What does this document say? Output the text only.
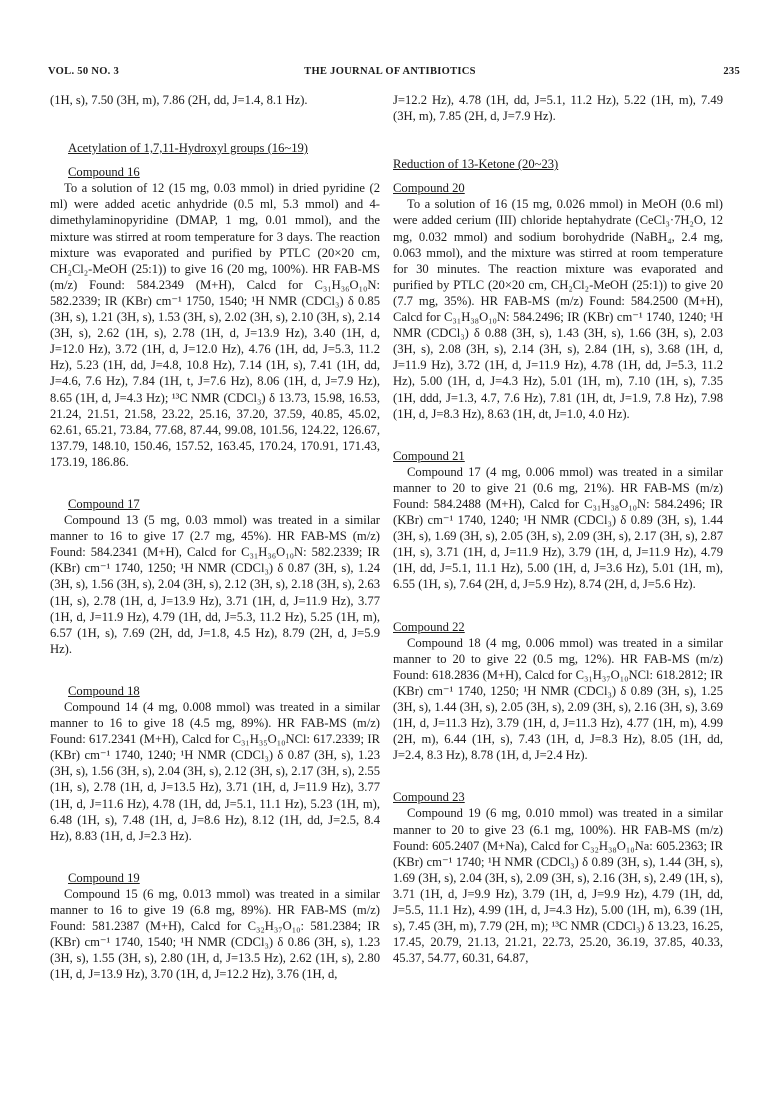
VOL. 50 NO. 3	THE JOURNAL OF ANTIBIOTICS	235

(1H, s), 7.50 (3H, m), 7.86 (2H, dd, J=1.4, 8.1 Hz).

Acetylation of 1,7,11-Hydroxyl groups (16~19)

Compound 16

To a solution of 12 (15 mg, 0.03 mmol) in dried pyridine (2 ml) were added acetic anhydride (0.5 ml, 5.3 mmol) and 4-dimethylaminopyridine (DMAP, 1 mg, 0.01 mmol), and the mixture was stirred at room temperature for 3 days. The reaction mixture was evaporated and purified by PTLC (20×20 cm, CH₂Cl₂-MeOH (25:1)) to give 16 (20 mg, 100%). HR FAB-MS (m/z) Found: 584.2349 (M+H), Calcd for C₃₁H₃₆O₁₀N: 582.2339; IR (KBr) cm⁻¹ 1750, 1540; ¹H NMR (CDCl₃) δ 0.85 (3H, s), 1.21 (3H, s), 1.53 (3H, s), 2.02 (3H, s), 2.10 (3H, s), 2.14 (3H, s), 2.62 (1H, s), 2.78 (1H, d, J=13.9 Hz), 3.40 (1H, d, J=12.0 Hz), 3.72 (1H, d, J=12.0 Hz), 4.76 (1H, dd, J=5.3, 11.2 Hz), 5.23 (1H, dd, J=4.8, 10.8 Hz), 7.14 (1H, s), 7.41 (1H, dd, J=4.6, 7.6 Hz), 7.84 (1H, t, J=7.6 Hz), 8.06 (1H, d, J=7.9 Hz), 8.65 (1H, d, J=4.3 Hz); ¹³C NMR (CDCl₃) δ 13.73, 15.98, 16.53, 21.24, 21.51, 21.58, 23.22, 25.16, 37.20, 37.59, 40.85, 45.02, 62.61, 65.21, 73.84, 77.68, 87.44, 99.08, 101.56, 124.22, 126.67, 137.79, 148.10, 150.46, 157.52, 163.45, 170.24, 170.91, 171.43, 173.19, 186.86.

Compound 17

Compound 13 (5 mg, 0.03 mmol) was treated in a similar manner to 16 to give 17 (2.7 mg, 45%). HR FAB-MS (m/z) Found: 584.2341 (M+H), Calcd for C₃₁H₃₆O₁₀N: 582.2339; IR (KBr) cm⁻¹ 1740, 1250; ¹H NMR (CDCl₃) δ 0.87 (3H, s), 1.24 (3H, s), 1.56 (3H, s), 2.04 (3H, s), 2.12 (3H, s), 2.18 (3H, s), 2.63 (1H, s), 2.78 (1H, d, J=13.9 Hz), 3.71 (1H, d, J=11.9 Hz), 3.77 (1H, d, J=11.9 Hz), 4.79 (1H, dd, J=5.3, 11.2 Hz), 5.25 (1H, m), 6.57 (1H, s), 7.69 (2H, dd, J=1.8, 4.5 Hz), 8.79 (2H, d, J=5.9 Hz).

Compound 18

Compound 14 (4 mg, 0.008 mmol) was treated in a similar manner to 16 to give 18 (4.5 mg, 89%). HR FAB-MS (m/z) Found: 617.2341 (M+H), Calcd for C₃₁H₃₅O₁₀NCl: 617.2339; IR (KBr) cm⁻¹ 1740, 1240; ¹H NMR (CDCl₃) δ 0.87 (3H, s), 1.23 (3H, s), 1.56 (3H, s), 2.04 (3H, s), 2.12 (3H, s), 2.17 (3H, s), 2.55 (1H, s), 2.78 (1H, d, J=13.5 Hz), 3.71 (1H, d, J=11.9 Hz), 3.77 (1H, d, J=11.6 Hz), 4.78 (1H, dd, J=5.1, 11.1 Hz), 5.23 (1H, m), 6.48 (1H, s), 7.48 (1H, d, J=8.6 Hz), 8.12 (1H, dd, J=2.5, 8.4 Hz), 8.83 (1H, d, J=2.3 Hz).

Compound 19

Compound 15 (6 mg, 0.013 mmol) was treated in a similar manner to 16 to give 19 (6.8 mg, 89%). HR FAB-MS (m/z) Found: 581.2387 (M+H), Calcd for C₃₂H₃₇O₁₀: 581.2384; IR (KBr) cm⁻¹ 1740, 1540; ¹H NMR (CDCl₃) δ 0.86 (3H, s), 1.23 (3H, s), 1.55 (3H, s), 2.80 (1H, d, J=13.5 Hz), 2.62 (1H, s), 2.80 (1H, d, J=13.9 Hz), 3.70 (1H, d, J=12.2 Hz), 3.76 (1H, d,

J=12.2 Hz), 4.78 (1H, dd, J=5.1, 11.2 Hz), 5.22 (1H, m), 7.49 (3H, m), 7.85 (2H, d, J=7.9 Hz).

Reduction of 13-Ketone (20~23)

Compound 20

To a solution of 16 (15 mg, 0.026 mmol) in MeOH (0.6 ml) were added cerium (III) chloride heptahydrate (CeCl₃·7H₂O, 12 mg, 0.032 mmol) and sodium borohydride (NaBH₄, 2.4 mg, 0.063 mmol), and the mixture was stirred at room temperature for 30 minutes. The reaction mixture was evaporated and purified by PTLC (20×20 cm, CH₂Cl₂-MeOH (25:1)) to give 20 (7.7 mg, 35%). HR FAB-MS (m/z) Found: 584.2500 (M+H), Calcd for C₃₁H₃₈O₁₀N: 584.2496; IR (KBr) cm⁻¹ 1740, 1240; ¹H NMR (CDCl₃) δ 0.88 (3H, s), 1.43 (3H, s), 1.66 (3H, s), 2.03 (3H, s), 2.08 (3H, s), 2.14 (3H, s), 2.84 (1H, s), 3.68 (1H, d, J=11.9 Hz), 3.72 (1H, d, J=11.9 Hz), 4.78 (1H, dd, J=5.3, 11.2 Hz), 5.00 (1H, d, J=4.3 Hz), 5.01 (1H, m), 7.10 (1H, s), 7.35 (1H, ddd, J=1.3, 4.7, 7.6 Hz), 7.81 (1H, dt, J=1.9, 7.8 Hz), 7.98 (1H, d, J=8.3 Hz), 8.63 (1H, dt, J=1.0, 4.0 Hz).

Compound 21

Compound 17 (4 mg, 0.006 mmol) was treated in a similar manner to 20 to give 21 (0.6 mg, 21%). HR FAB-MS (m/z) Found: 584.2488 (M+H), Calcd for C₃₁H₃₈O₁₀N: 584.2496; IR (KBr) cm⁻¹ 1740, 1240; ¹H NMR (CDCl₃) δ 0.89 (3H, s), 1.44 (3H, s), 1.69 (3H, s), 2.05 (3H, s), 2.09 (3H, s), 2.17 (3H, s), 2.87 (1H, s), 3.71 (1H, d, J=11.9 Hz), 3.79 (1H, d, J=11.9 Hz), 4.79 (1H, dd, J=5.1, 11.1 Hz), 5.00 (1H, d, J=3.6 Hz), 5.01 (1H, m), 6.55 (1H, s), 7.64 (2H, d, J=5.9 Hz), 8.74 (2H, d, J=5.6 Hz).

Compound 22

Compound 18 (4 mg, 0.006 mmol) was treated in a similar manner to 20 to give 22 (0.5 mg, 12%). HR FAB-MS (m/z) Found: 618.2836 (M+H), Calcd for C₃₁H₃₇O₁₀NCl: 618.2812; IR (KBr) cm⁻¹ 1740, 1250; ¹H NMR (CDCl₃) δ 0.89 (3H, s), 1.25 (3H, s), 1.44 (3H, s), 2.05 (3H, s), 2.09 (3H, s), 2.16 (3H, s), 3.69 (1H, d, J=11.3 Hz), 3.79 (1H, d, J=11.3 Hz), 4.77 (1H, m), 4.99 (2H, m), 6.44 (1H, s), 7.43 (1H, d, J=8.3 Hz), 8.05 (1H, dd, J=2.4, 8.3 Hz), 8.78 (1H, d, J=2.4 Hz).

Compound 23

Compound 19 (6 mg, 0.010 mmol) was treated in a similar manner to 20 to give 23 (6.1 mg, 100%). HR FAB-MS (m/z) Found: 605.2407 (M+Na), Calcd for C₃₂H₃₈O₁₀Na: 605.2363; IR (KBr) cm⁻¹ 1740; ¹H NMR (CDCl₃) δ 0.89 (3H, s), 1.44 (3H, s), 1.69 (3H, s), 2.04 (3H, s), 2.09 (3H, s), 2.16 (3H, s), 2.49 (1H, s), 3.71 (1H, d, J=9.9 Hz), 3.79 (1H, d, J=9.9 Hz), 4.79 (1H, dd, J=5.5, 11.1 Hz), 4.99 (1H, d, J=4.3 Hz), 5.00 (1H, m), 6.39 (1H, s), 7.45 (3H, m), 7.79 (2H, m); ¹³C NMR (CDCl₃) δ 13.23, 16.25, 17.45, 20.79, 21.13, 21.21, 22.73, 25.20, 36.19, 37.85, 40.33, 45.37, 54.77, 60.31, 64.87,
